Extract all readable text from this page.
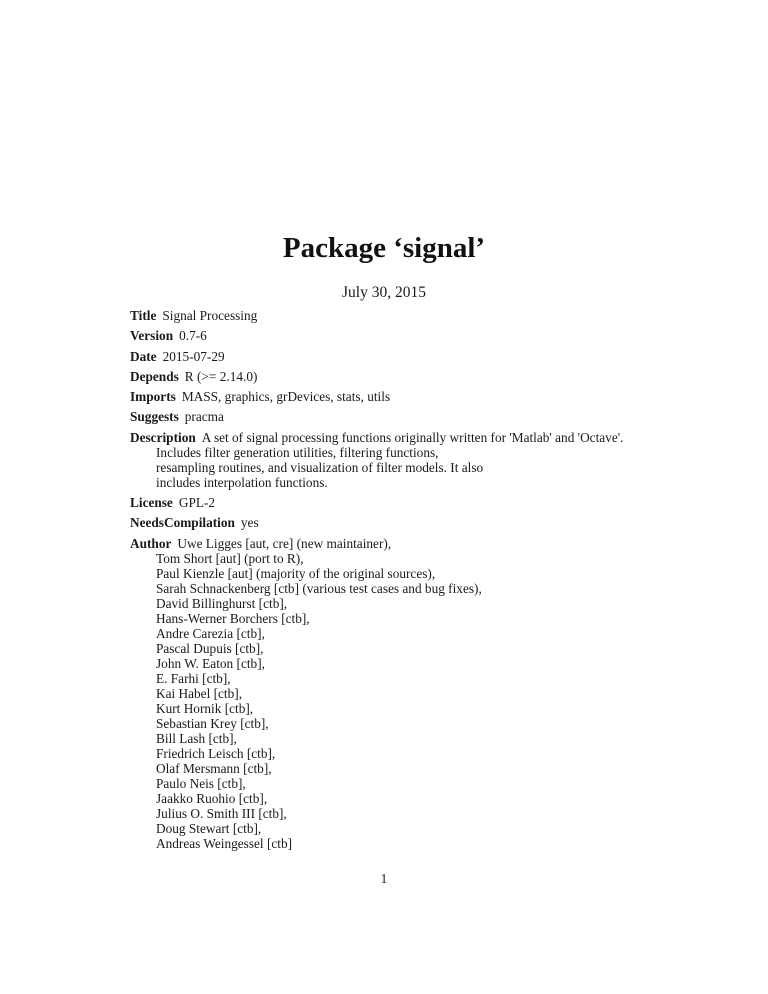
Package ‘signal’
July 30, 2015
Title Signal Processing
Version 0.7-6
Date 2015-07-29
Depends R (>= 2.14.0)
Imports MASS, graphics, grDevices, stats, utils
Suggests pracma
Description A set of signal processing functions originally written for 'Matlab' and 'Octave'.
Includes filter generation utilities, filtering functions,
resampling routines, and visualization of filter models. It also
includes interpolation functions.
License GPL-2
NeedsCompilation yes
Author Uwe Ligges [aut, cre] (new maintainer),
Tom Short [aut] (port to R),
Paul Kienzle [aut] (majority of the original sources),
Sarah Schnackenberg [ctb] (various test cases and bug fixes),
David Billinghurst [ctb],
Hans-Werner Borchers [ctb],
Andre Carezia [ctb],
Pascal Dupuis [ctb],
John W. Eaton [ctb],
E. Farhi [ctb],
Kai Habel [ctb],
Kurt Hornik [ctb],
Sebastian Krey [ctb],
Bill Lash [ctb],
Friedrich Leisch [ctb],
Olaf Mersmann [ctb],
Paulo Neis [ctb],
Jaakko Ruohio [ctb],
Julius O. Smith III [ctb],
Doug Stewart [ctb],
Andreas Weingessel [ctb]
1
